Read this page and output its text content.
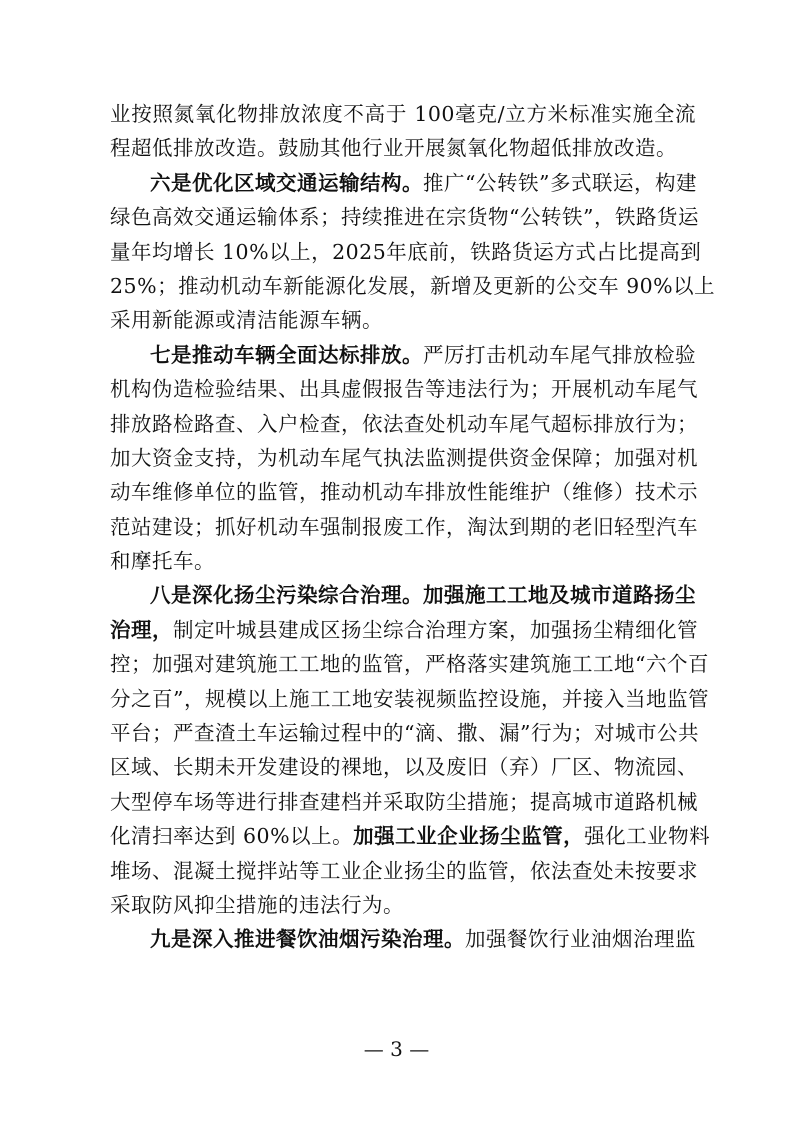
业按照氮氧化物排放浓度不高于 100毫克/立方米标准实施全流
程超低排放改造。鼓励其他行业开展氮氧化物超低排放改造。
六是优化区域交通运输结构。推广“公转铁”多式联运，构建
绿色高效交通运输体系；持续推进在宗货物“公转铁”，铁路货运
量年均增长 10%以上，2025年底前，铁路货运方式占比提高到
25%；推动机动车新能源化发展，新增及更新的公交车 90%以上
采用新能源或清洁能源车辆。
七是推动车辆全面达标排放。严厉打击机动车尾气排放检验
机构伪造检验结果、出具虚假报告等违法行为；开展机动车尾气
排放路检路查、入户检查，依法查处机动车尾气超标排放行为；
加大资金支持，为机动车尾气执法监测提供资金保障；加强对机
动车维修单位的监管，推动机动车排放性能维护（维修）技术示
范站建设；抓好机动车强制报废工作，淘汰到期的老旧轻型汽车
和摩托车。
八是深化扬尘污染综合治理。加强施工工地及城市道路扬尘
治理，制定叶城县建成区扬尘综合治理方案，加强扬尘精细化管
控；加强对建筑施工工地的监管，严格落实建筑施工工地“六个百
分之百”，规模以上施工工地安装视频监控设施，并接入当地监管
平台；严查渣土车运输过程中的“滴、撒、漏”行为；对城市公共
区域、长期未开发建设的裸地，以及废旧（弃）厂区、物流园、
大型停车场等进行排查建档并采取防尘措施；提高城市道路机械
化清扫率达到 60%以上。加强工业企业扬尘监管，强化工业物料
堆场、混凝土搅拌站等工业企业扬尘的监管，依法查处未按要求
采取防风抑尘措施的违法行为。
九是深入推进餐饮油烟污染治理。加强餐饮行业油烟治理监
— 3 —
